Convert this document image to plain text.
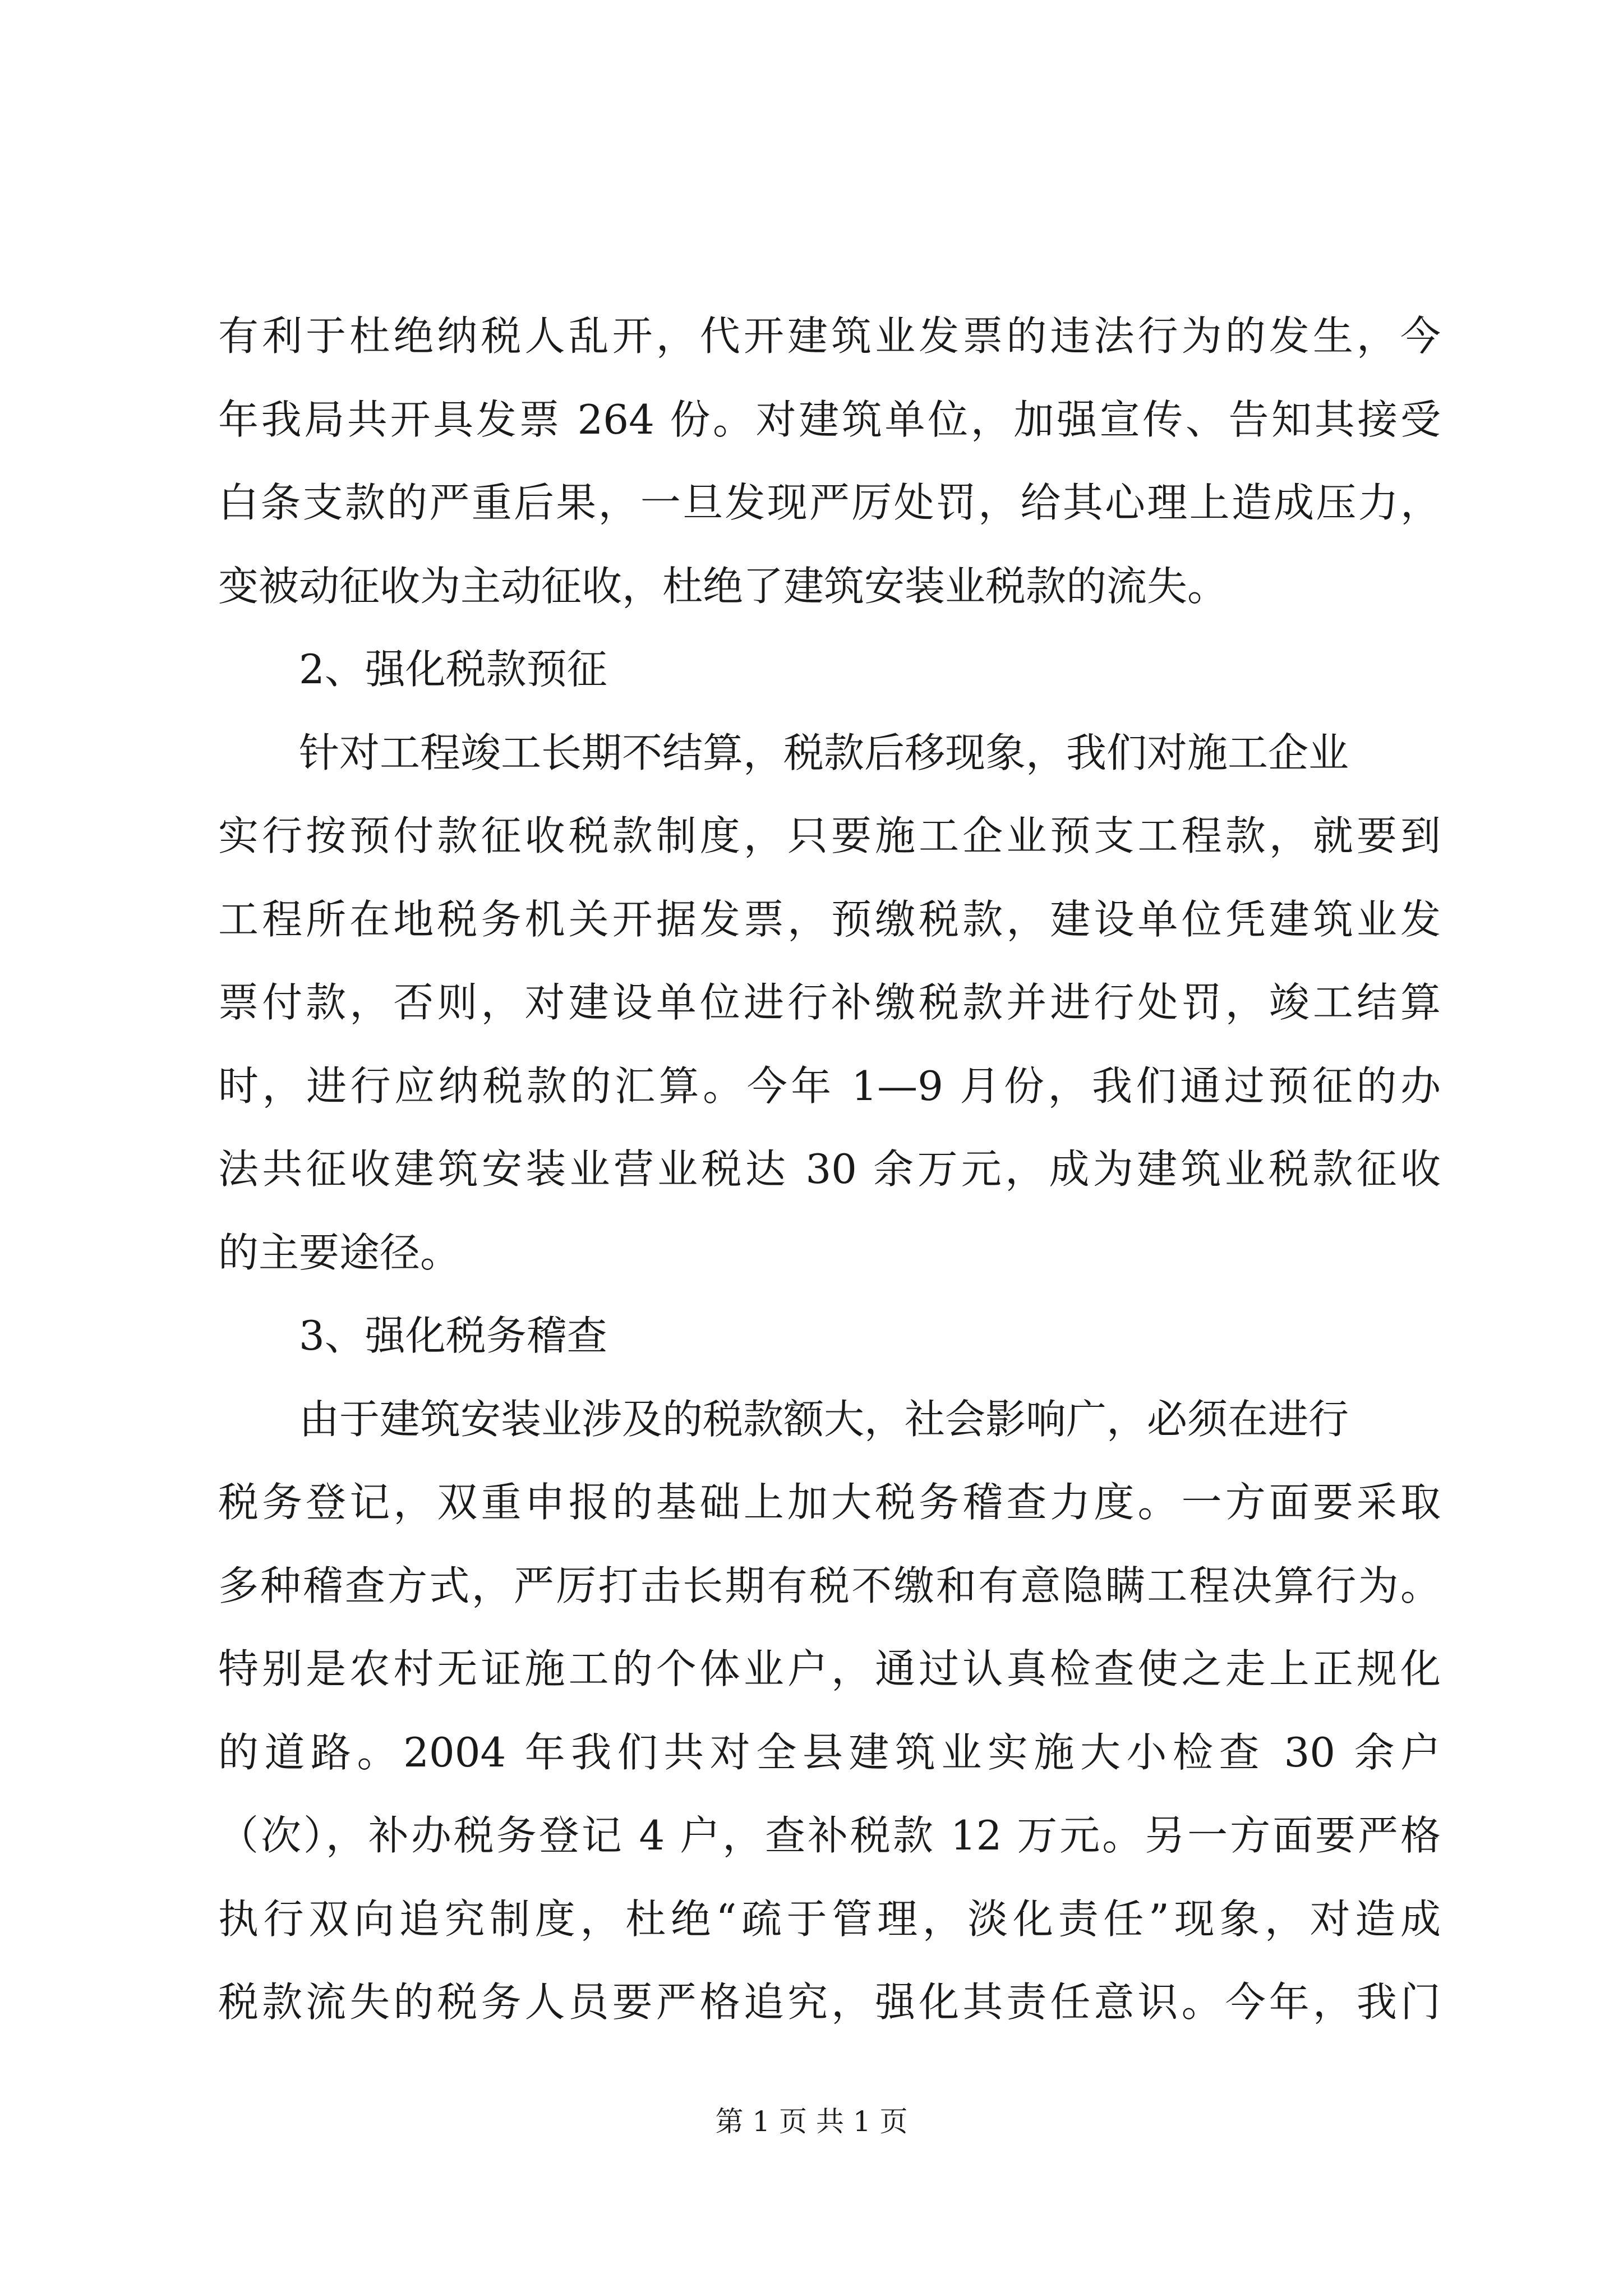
有利于杜绝纳税人乱开，代开建筑业发票的违法行为的发生，今
年我局共开具发票 264 份。对建筑单位，加强宣传、告知其接受
白条支款的严重后果，一旦发现严厉处罚，给其心理上造成压力，
变被动征收为主动征收，杜绝了建筑安装业税款的流失。
2、强化税款预征
针对工程竣工长期不结算，税款后移现象，我们对施工企业
实行按预付款征收税款制度，只要施工企业预支工程款，就要到
工程所在地税务机关开据发票，预缴税款，建设单位凭建筑业发
票付款，否则，对建设单位进行补缴税款并进行处罚，竣工结算
时，进行应纳税款的汇算。今年 1—9 月份，我们通过预征的办
法共征收建筑安装业营业税达 30 余万元，成为建筑业税款征收
的主要途径。
3、强化税务稽查
由于建筑安装业涉及的税款额大，社会影响广，必须在进行
税务登记，双重申报的基础上加大税务稽查力度。一方面要采取
多种稽查方式，严厉打击长期有税不缴和有意隐瞒工程决算行为。
特别是农村无证施工的个体业户，通过认真检查使之走上正规化
的道路。2004 年我们共对全县建筑业实施大小检查 30 余户
（次），补办税务登记 4 户，查补税款 12 万元。另一方面要严格
执行双向追究制度，杜绝“疏于管理，淡化责任”现象，对造成
税款流失的税务人员要严格追究，强化其责任意识。今年，我门
第 1 页 共 1 页
